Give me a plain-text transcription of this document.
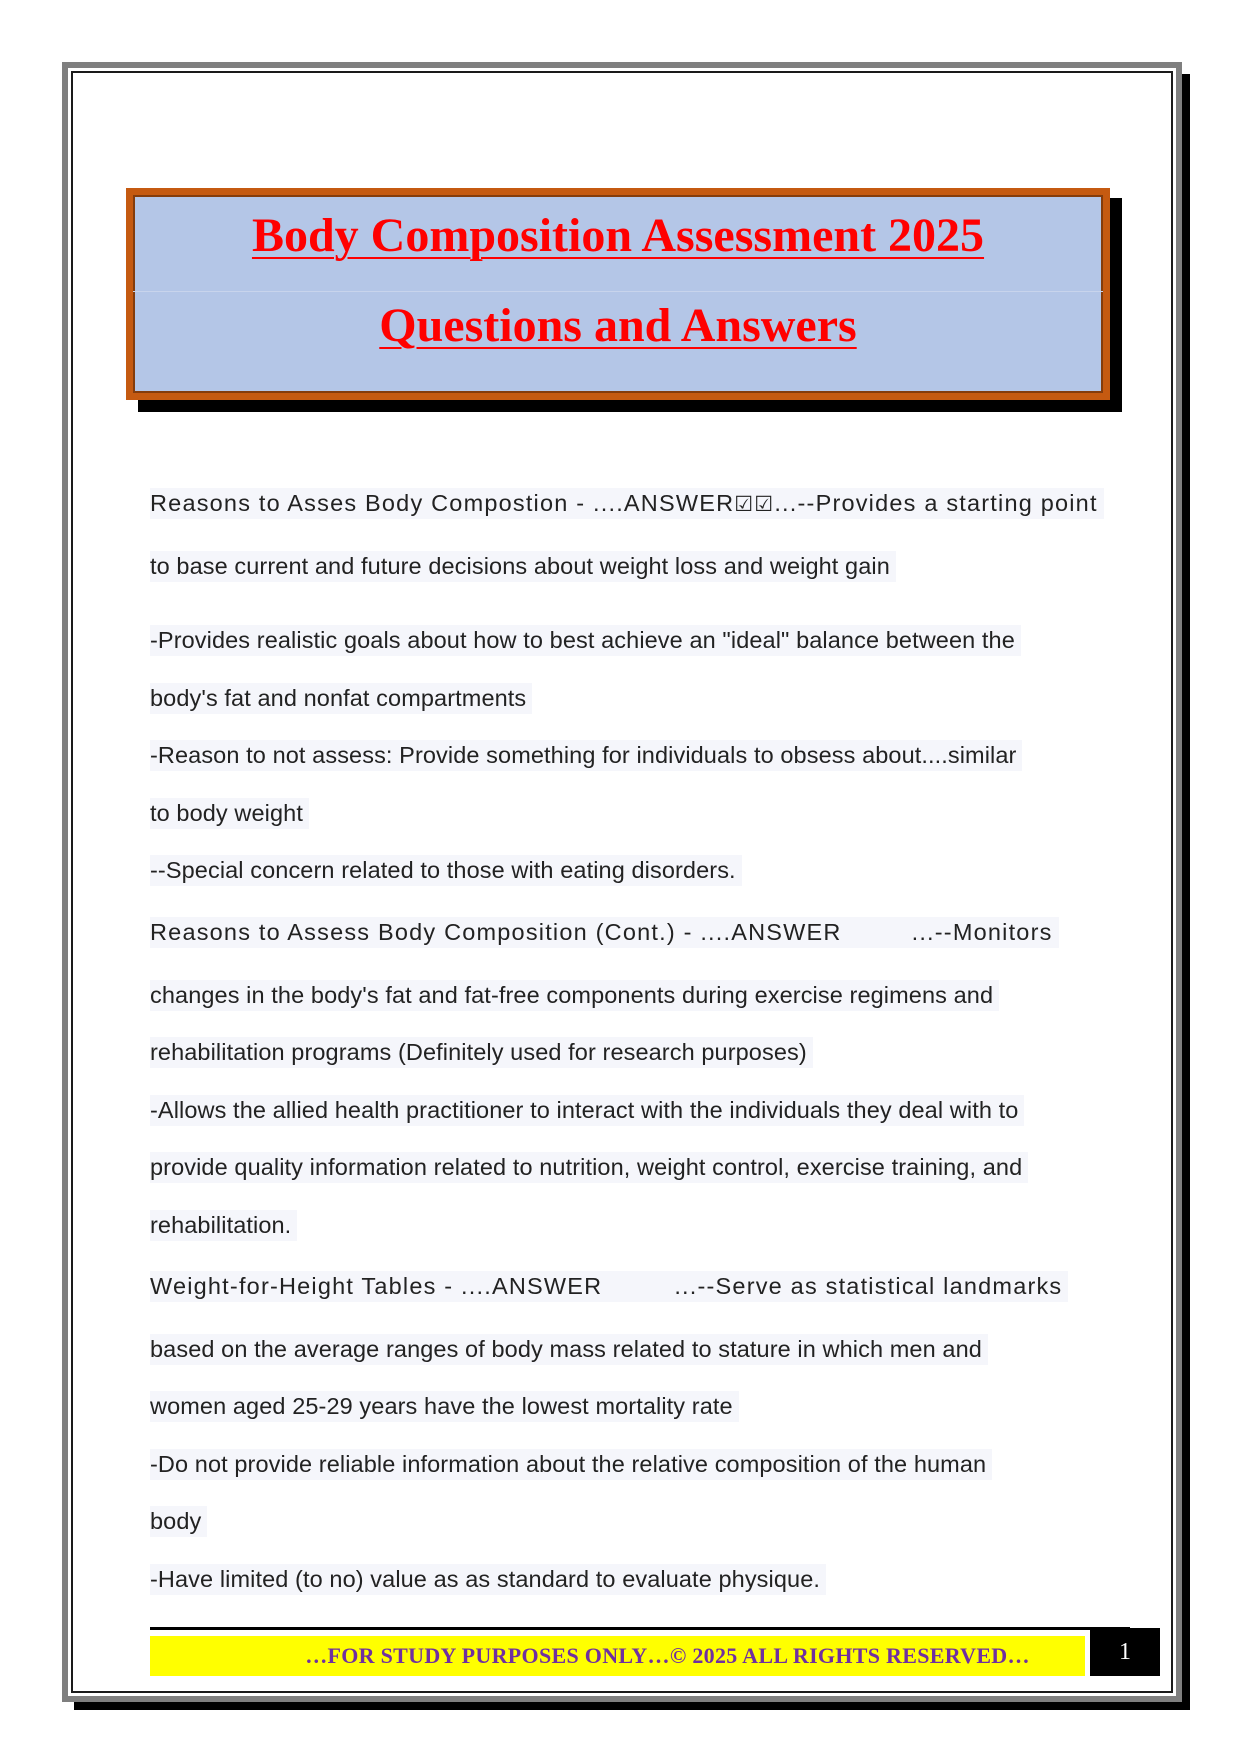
Body Composition Assessment 2025
Questions and Answers
Reasons to Asses Body Compostion - ....ANSWER☑☑...--Provides a starting point
to base current and future decisions about weight loss and weight gain
-Provides realistic goals about how to best achieve an "ideal" balance between the
body's fat and nonfat compartments
-Reason to not assess: Provide something for individuals to obsess about....similar
to body weight
--Special concern related to those with eating disorders.
Reasons to Assess Body Composition (Cont.) - ....ANSWER	...--Monitors
changes in the body's fat and fat-free components during exercise regimens and
rehabilitation programs (Definitely used for research purposes)
-Allows the allied health practitioner to interact with the individuals they deal with to
provide quality information related to nutrition, weight control, exercise training, and
rehabilitation.
Weight-for-Height Tables - ....ANSWER	...--Serve as statistical landmarks
based on the average ranges of body mass related to stature in which men and
women aged 25-29 years have the lowest mortality rate
-Do not provide reliable information about the relative composition of the human
body
-Have limited (to no) value as as standard to evaluate physique.
…FOR STUDY PURPOSES ONLY…© 2025 ALL RIGHTS RESERVED…	1
